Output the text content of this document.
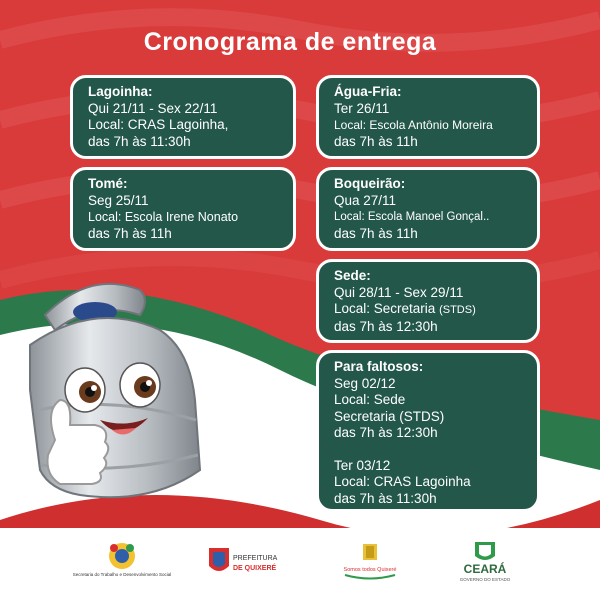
Cronograma de entrega
Lagoinha:
Qui 21/11 - Sex 22/11
Local: CRAS Lagoinha,
das 7h às 11:30h
Água-Fria:
Ter 26/11
Local: Escola Antônio Moreira
das 7h às 11h
Tomé:
Seg 25/11
Local: Escola Irene Nonato
das 7h às 11h
Boqueirão:
Qua 27/11
Local: Escola Manoel Gonçal..
das 7h às 11h
Sede:
Qui 28/11 - Sex 29/11
Local: Secretaria (STDS)
das 7h às 12:30h
Para faltosos:
Seg 02/12
Local: Sede
Secretaria (STDS)
das 7h às 12:30h
Ter 03/12
Local: CRAS Lagoinha
das 7h às 11:30h
Secretaria do Trabalho e Desenvolvimento Social
PREFEITURA
DE QUIXERÉ	Somos todos Quixeré	CEARÁ
GOVERNO DO ESTADO
